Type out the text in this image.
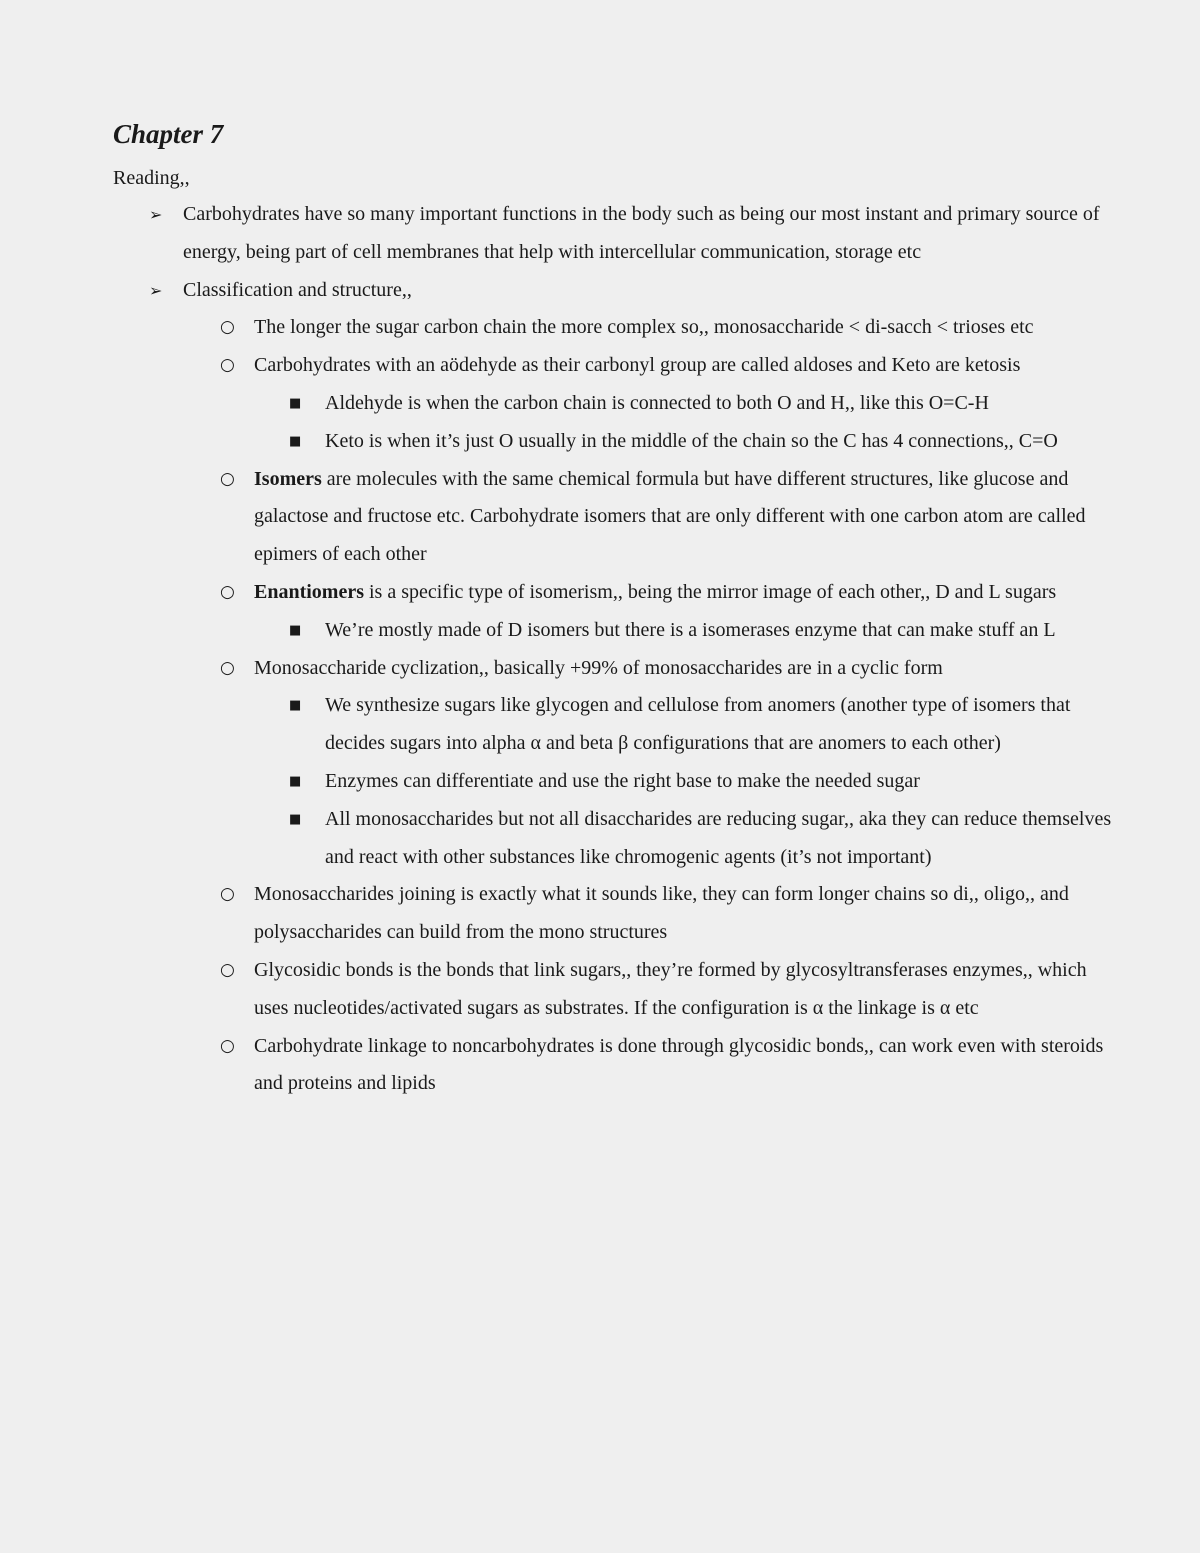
Chapter 7

Reading,,

➢ Carbohydrates have so many important functions in the body such as being our most instant and primary source of energy, being part of cell membranes that help with intercellular communication, storage etc
➢ Classification and structure,,
○ The longer the sugar carbon chain the more complex so,, monosaccharide < di-sacch < trioses etc
○ Carbohydrates with an aödehyde as their carbonyl group are called aldoses and Keto are ketosis
■ Aldehyde is when the carbon chain is connected to both O and H,, like this O=C-H
■ Keto is when it’s just O usually in the middle of the chain so the C has 4 connections,, C=O
○ Isomers are molecules with the same chemical formula but have different structures, like glucose and galactose and fructose etc. Carbohydrate isomers that are only different with one carbon atom are called epimers of each other
○ Enantiomers is a specific type of isomerism,, being the mirror image of each other,, D and L sugars
■ We’re mostly made of D isomers but there is a isomerases enzyme that can make stuff an L
○ Monosaccharide cyclization,, basically +99% of monosaccharides are in a cyclic form
■ We synthesize sugars like glycogen and cellulose from anomers (another type of isomers that decides sugars into alpha α and beta β configurations that are anomers to each other)
■ Enzymes can differentiate and use the right base to make the needed sugar
■ All monosaccharides but not all disaccharides are reducing sugar,, aka they can reduce themselves and react with other substances like chromogenic agents (it’s not important)
○ Monosaccharides joining is exactly what it sounds like, they can form longer chains so di,, oligo,, and polysaccharides can build from the mono structures
○ Glycosidic bonds is the bonds that link sugars,, they’re formed by glycosyltransferases enzymes,, which uses nucleotides/activated sugars as substrates. If the configuration is α the linkage is α etc
○ Carbohydrate linkage to noncarbohydrates is done through glycosidic bonds,, can work even with steroids and proteins and lipids
